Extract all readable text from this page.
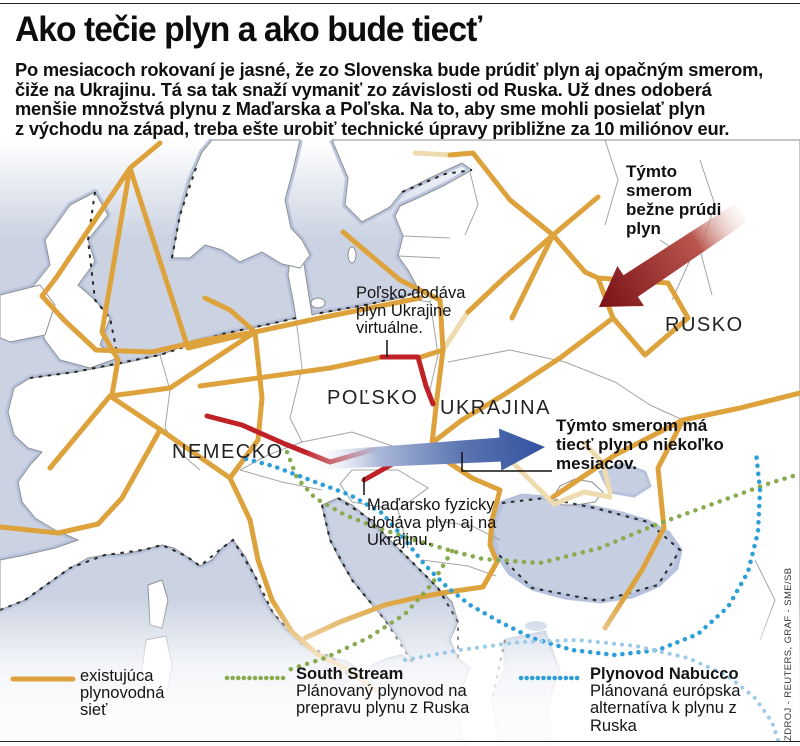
Ako tečie plyn a ako bude tiecť
Po mesiacoch rokovaní je jasné, že zo Slovenska bude prúdiť plyn aj opačným smerom,
čiže na Ukrajinu. Tá sa tak snaží vymaniť zo závislosti od Ruska. Už dnes odoberá
menšie množstvá plynu z Maďarska a Poľska. Na to, aby sme mohli posielať plyn
z východu na západ, treba ešte urobiť technické úpravy približne za 10 miliónov eur.
NEMECKO
POĽSKO UKRAJINA
RUSKO
Poľsko dodáva plyn Ukrajine virtuálne.
Maďarsko fyzicky dodáva plyn aj na Ukrajinu.
Týmto smerom bežne prúdi plyn
Týmto smerom má tiecť plyn o niekoľko mesiacov.
existujúca plynovodná sieť
South Stream
Plánovaný plynovod na prepravu plynu z Ruska
Plynovod Nabucco
Plánovaná európska alternatíva k plynu z Ruska	ZDROJ - REUTERS, GRAF - SME/SB
